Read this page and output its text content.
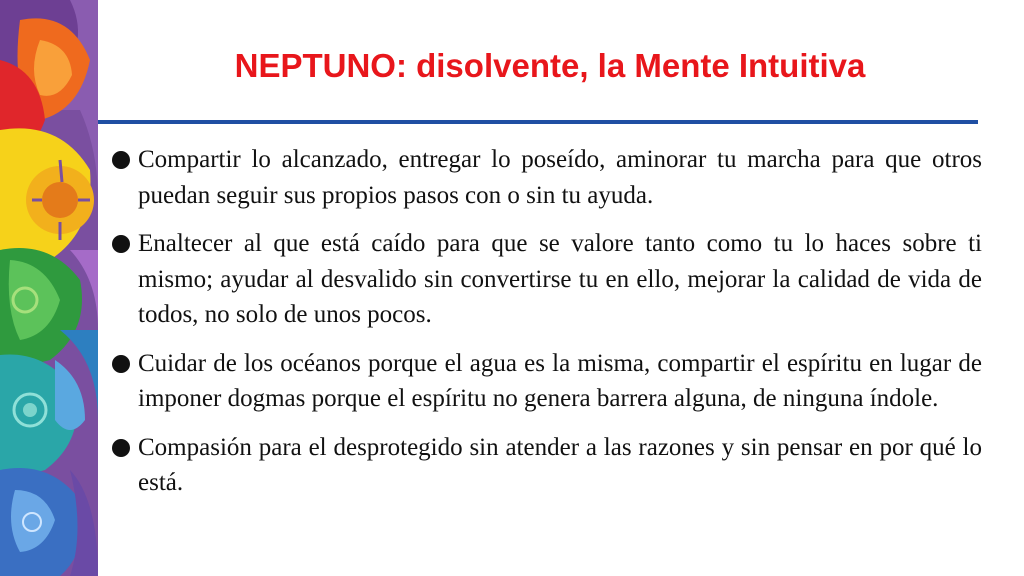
NEPTUNO: disolvente, la Mente Intuitiva
Compartir lo alcanzado, entregar lo poseído, aminorar tu marcha para que otros puedan seguir sus propios pasos con o sin tu ayuda.
Enaltecer al que está caído para que se valore tanto como tu lo haces sobre ti mismo; ayudar al desvalido sin convertirse tu en ello, mejorar la calidad de vida de todos, no solo de unos pocos.
Cuidar de los océanos porque el agua es la misma, compartir el espíritu en lugar de imponer dogmas porque el espíritu no genera barrera alguna, de ninguna índole.
Compasión para el desprotegido sin atender a las razones y sin pensar en por qué lo está.
